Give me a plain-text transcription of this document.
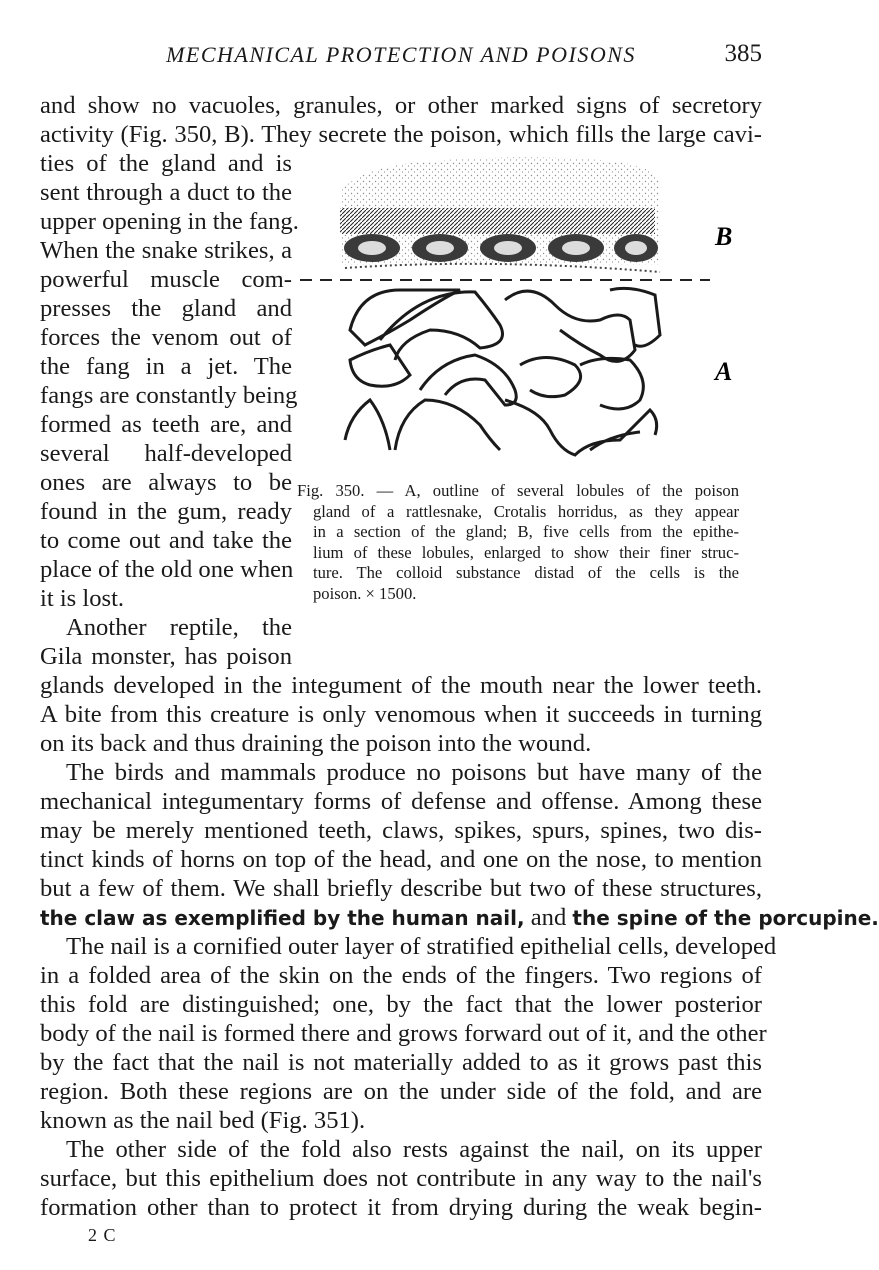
MECHANICAL PROTECTION AND POISONS	385
and show no vacuoles, granules, or other marked signs of secretory
activity (Fig. 350, B). They secrete the poison, which fills the large cavi-
ties of the gland and is
sent through a duct to the
upper opening in the fang.
When the snake strikes, a
powerful muscle com-
presses the gland and
forces the venom out of
the fang in a jet. The
fangs are constantly being
formed as teeth are, and
several half-developed
ones are always to be
found in the gum, ready
to come out and take the
place of the old one when
it is lost.
Another reptile, the
Gila monster, has poison
B
A
Fig. 350. — A, outline of several lobules of the poison
gland of a rattlesnake, Crotalis horridus, as they appear
in a section of the gland; B, five cells from the epithe-
lium of these lobules, enlarged to show their finer struc-
ture. The colloid substance distad of the cells is the
poison. × 1500.
glands developed in the integument of the mouth near the lower teeth.
A bite from this creature is only venomous when it succeeds in turning
on its back and thus draining the poison into the wound.
The birds and mammals produce no poisons but have many of the
mechanical integumentary forms of defense and offense. Among these
may be merely mentioned teeth, claws, spikes, spurs, spines, two dis-
tinct kinds of horns on top of the head, and one on the nose, to mention
but a few of them. We shall briefly describe but two of these structures,
the claw as exemplified by the human nail, and the spine of the porcupine.
The nail is a cornified outer layer of stratified epithelial cells, developed
in a folded area of the skin on the ends of the fingers. Two regions of
this fold are distinguished; one, by the fact that the lower posterior
body of the nail is formed there and grows forward out of it, and the other
by the fact that the nail is not materially added to as it grows past this
region. Both these regions are on the under side of the fold, and are
known as the nail bed (Fig. 351).
The other side of the fold also rests against the nail, on its upper
surface, but this epithelium does not contribute in any way to the nail's
formation other than to protect it from drying during the weak begin-
2 C
